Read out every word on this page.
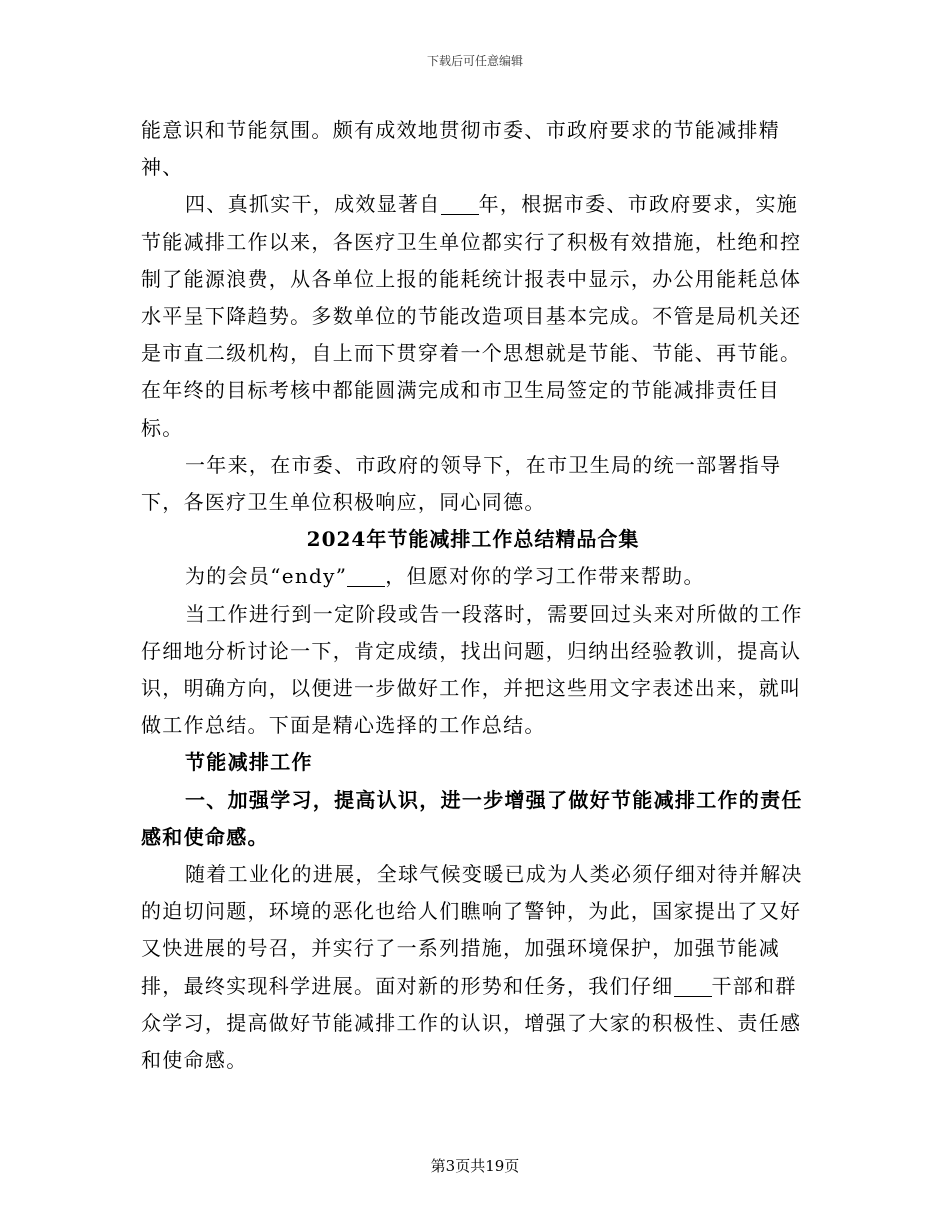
下载后可任意编辑

能意识和节能氛围。颇有成效地贯彻市委、市政府要求的节能减排精神、

四、真抓实干，成效显著自 年，根据市委、市政府要求，实施节能减排工作以来，各医疗卫生单位都实行了积极有效措施，杜绝和控制了能源浪费，从各单位上报的能耗统计报表中显示，办公用能耗总体水平呈下降趋势。多数单位的节能改造项目基本完成。不管是局机关还是市直二级机构，自上而下贯穿着一个思想就是节能、节能、再节能。在年终的目标考核中都能圆满完成和市卫生局签定的节能减排责任目标。

一年来，在市委、市政府的领导下，在市卫生局的统一部署指导下，各医疗卫生单位积极响应，同心同德。

2024年节能减排工作总结精品合集

为的会员“endy” ，但愿对你的学习工作带来帮助。

当工作进行到一定阶段或告一段落时，需要回过头来对所做的工作仔细地分析讨论一下，肯定成绩，找出问题，归纳出经验教训，提高认识，明确方向，以便进一步做好工作，并把这些用文字表述出来，就叫做工作总结。下面是精心选择的工作总结。

节能减排工作

一、加强学习，提高认识，进一步增强了做好节能减排工作的责任感和使命感。

随着工业化的进展，全球气候变暖已成为人类必须仔细对待并解决的迫切问题，环境的恶化也给人们瞧响了警钟，为此，国家提出了又好又快进展的号召，并实行了一系列措施，加强环境保护，加强节能减排，最终实现科学进展。面对新的形势和任务，我们仔细 干部和群众学习，提高做好节能减排工作的认识，增强了大家的积极性、责任感和使命感。

第3页共19页
